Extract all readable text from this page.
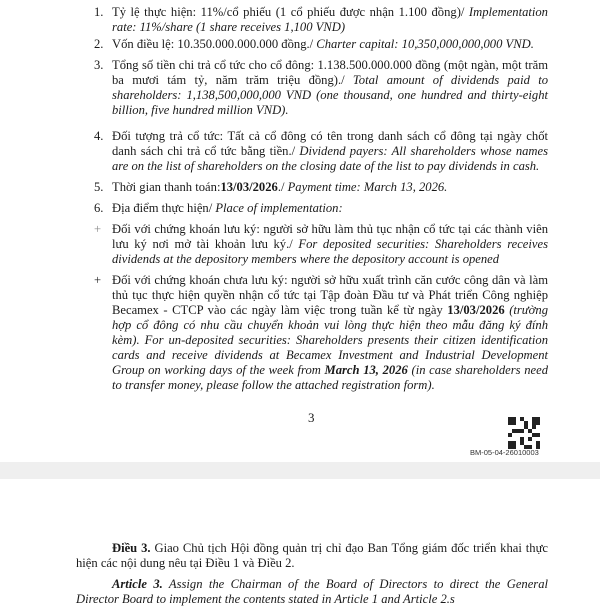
1. Tỷ lệ thực hiện: 11%/cổ phiếu (1 cổ phiếu được nhận 1.100 đồng)/ Implementation rate: 11%/share (1 share receives 1,100 VND)
2. Vốn điều lệ: 10.350.000.000.000 đồng./ Charter capital: 10,350,000,000,000 VND.
3. Tổng số tiền chi trả cổ tức cho cổ đông: 1.138.500.000.000 đồng (một ngàn, một trăm ba mươi tám tỷ, năm trăm triệu đồng)./ Total amount of dividends paid to shareholders: 1,138,500,000,000 VND (one thousand, one hundred and thirty-eight billion, five hundred million VND).
4. Đối tượng trả cổ tức: Tất cả cổ đông có tên trong danh sách cổ đông tại ngày chốt danh sách chi trả cổ tức bằng tiền./ Dividend payers: All shareholders whose names are on the list of shareholders on the closing date of the list to pay dividends in cash.
5. Thời gian thanh toán:13/03/2026./ Payment time: March 13, 2026.
6. Địa điểm thực hiện/ Place of implementation:
+ Đối với chứng khoán lưu ký: người sở hữu làm thủ tục nhận cổ tức tại các thành viên lưu ký nơi mở tài khoản lưu ký./ For deposited securities: Shareholders receives dividends at the depository members where the depository account is opened
+ Đối với chứng khoán chưa lưu ký: người sở hữu xuất trình căn cước công dân và làm thủ tục thực hiện quyền nhận cổ tức tại Tập đoàn Đầu tư và Phát triển Công nghiệp Becamex - CTCP vào các ngày làm việc trong tuần kể từ ngày 13/03/2026 (trường hợp cổ đông có nhu cầu chuyển khoản vui lòng thực hiện theo mẫu đăng ký đính kèm). For un-deposited securities: Shareholders presents their citizen identification cards and receive dividends at Becamex Investment and Industrial Development Group on working days of the week from March 13, 2026 (in case shareholders need to transfer money, please follow the attached registration form).
3
BM-05-04-26010003
Điều 3. Giao Chủ tịch Hội đồng quản trị chỉ đạo Ban Tổng giám đốc triển khai thực hiện các nội dung nêu tại Điều 1 và Điều 2.
Article 3. Assign the Chairman of the Board of Directors to direct the General Director Board to implement the contents stated in Article 1 and Article 2.s
